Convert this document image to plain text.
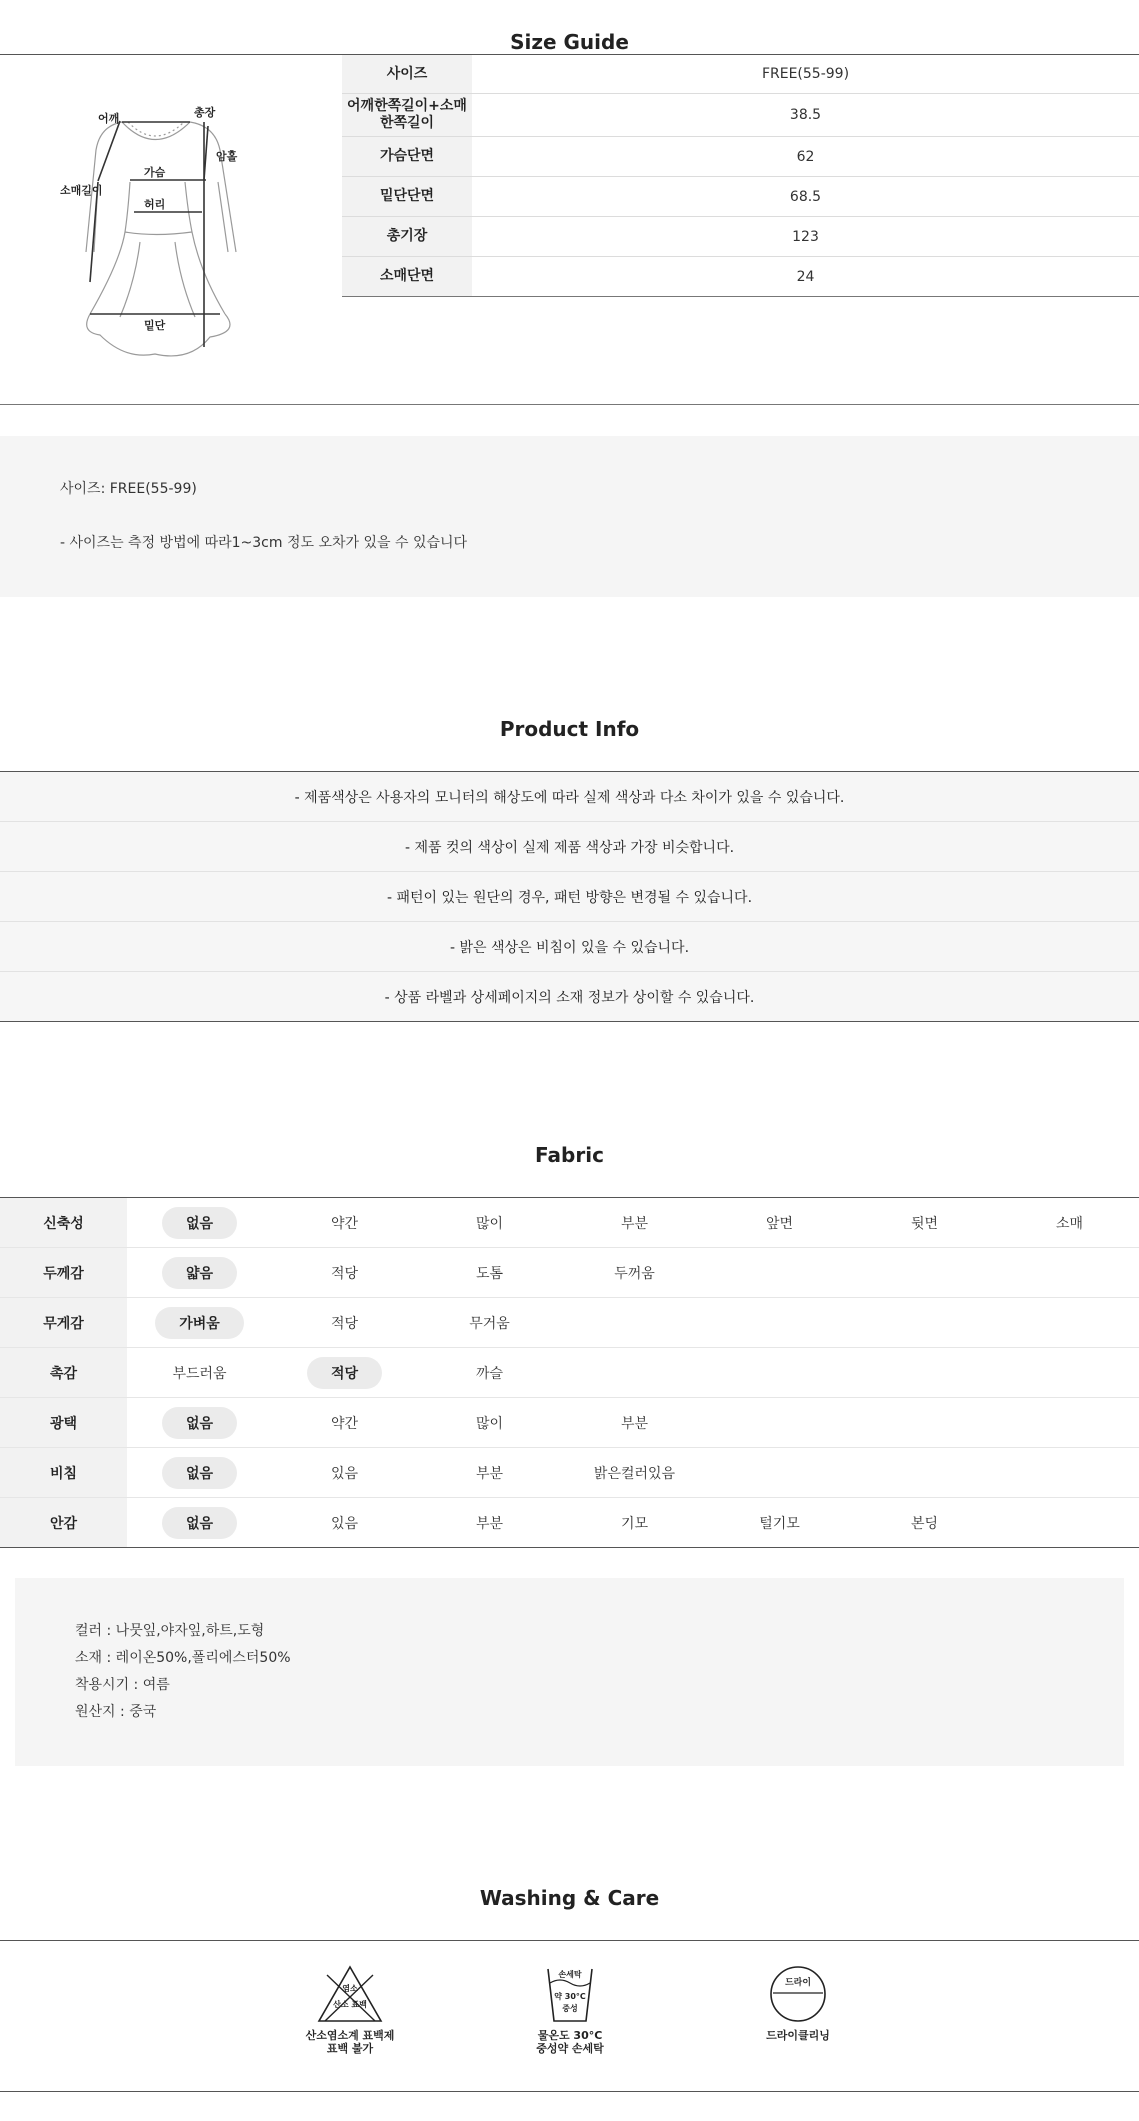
Size Guide
어깨	총장
암홀
소매길이
가슴
허리
밑단
사이즈	FREE(55-99)
어깨한쪽길이+소매
한쪽길이	38.5
가슴단면	62
밑단단면	68.5
총기장	123
소매단면	24
사이즈: FREE(55-99)
- 사이즈는 측정 방법에 따라1~3cm 정도 오차가 있을 수 있습니다
Product Info
- 제품색상은 사용자의 모니터의 해상도에 따라 실제 색상과 다소 차이가 있을 수 있습니다.
- 제품 컷의 색상이 실제 제품 색상과 가장 비슷합니다.
- 패턴이 있는 원단의 경우, 패턴 방향은 변경될 수 있습니다.
- 밝은 색상은 비침이 있을 수 있습니다.
- 상품 라벨과 상세페이지의 소재 정보가 상이할 수 있습니다.
Fabric
신축성	없음	약간	많이	부분	앞면	뒷면	소매
두께감	얇음	적당	도톰	두꺼움
무게감	가벼움	적당	무거움
촉감	부드러움	적당	까슬
광택	없음	약간	많이	부분
비침	없음	있음	부분	밝은컬러있음
안감	없음	있음	부분	기모	털기모	본딩
컬러 : 나뭇잎,야자잎,하트,도형
소재 : 레이온50%,폴리에스터50%
착용시기 : 여름
원산지 : 중국
Washing & Care
염소
산소 표백
산소염소계 표백제
표백 불가
손세탁
약 30°C
중성
물온도 30°C
중성약 손세탁
드라이
드라이클리닝
